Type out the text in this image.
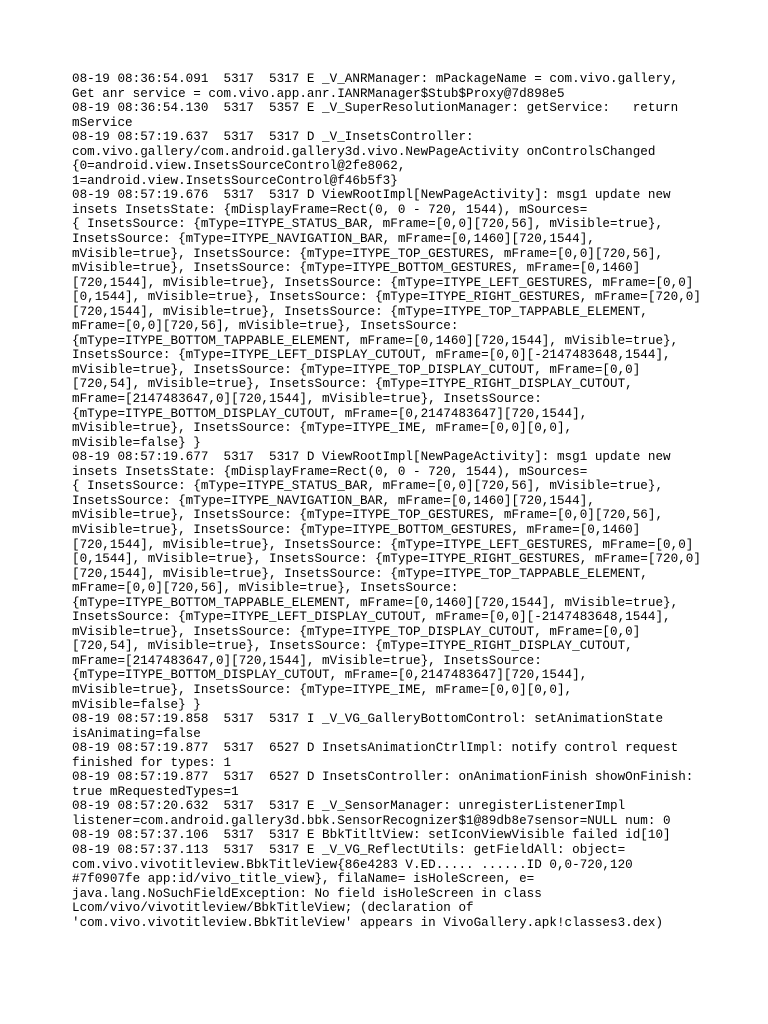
08-19 08:36:54.091  5317  5317 E _V_ANRManager: mPackageName = com.vivo.gallery,
Get anr service = com.vivo.app.anr.IANRManager$Stub$Proxy@7d898e5
08-19 08:36:54.130  5317  5357 E _V_SuperResolutionManager: getService:   return
mService
08-19 08:57:19.637  5317  5317 D _V_InsetsController:
com.vivo.gallery/com.android.gallery3d.vivo.NewPageActivity onControlsChanged
{0=android.view.InsetsSourceControl@2fe8062,
1=android.view.InsetsSourceControl@f46b5f3}
08-19 08:57:19.676  5317  5317 D ViewRootImpl[NewPageActivity]: msg1 update new
insets InsetsState: {mDisplayFrame=Rect(0, 0 - 720, 1544), mSources=
{ InsetsSource: {mType=ITYPE_STATUS_BAR, mFrame=[0,0][720,56], mVisible=true},
InsetsSource: {mType=ITYPE_NAVIGATION_BAR, mFrame=[0,1460][720,1544],
mVisible=true}, InsetsSource: {mType=ITYPE_TOP_GESTURES, mFrame=[0,0][720,56],
mVisible=true}, InsetsSource: {mType=ITYPE_BOTTOM_GESTURES, mFrame=[0,1460]
[720,1544], mVisible=true}, InsetsSource: {mType=ITYPE_LEFT_GESTURES, mFrame=[0,0]
[0,1544], mVisible=true}, InsetsSource: {mType=ITYPE_RIGHT_GESTURES, mFrame=[720,0]
[720,1544], mVisible=true}, InsetsSource: {mType=ITYPE_TOP_TAPPABLE_ELEMENT,
mFrame=[0,0][720,56], mVisible=true}, InsetsSource:
{mType=ITYPE_BOTTOM_TAPPABLE_ELEMENT, mFrame=[0,1460][720,1544], mVisible=true},
InsetsSource: {mType=ITYPE_LEFT_DISPLAY_CUTOUT, mFrame=[0,0][-2147483648,1544],
mVisible=true}, InsetsSource: {mType=ITYPE_TOP_DISPLAY_CUTOUT, mFrame=[0,0]
[720,54], mVisible=true}, InsetsSource: {mType=ITYPE_RIGHT_DISPLAY_CUTOUT,
mFrame=[2147483647,0][720,1544], mVisible=true}, InsetsSource:
{mType=ITYPE_BOTTOM_DISPLAY_CUTOUT, mFrame=[0,2147483647][720,1544],
mVisible=true}, InsetsSource: {mType=ITYPE_IME, mFrame=[0,0][0,0],
mVisible=false} }
08-19 08:57:19.677  5317  5317 D ViewRootImpl[NewPageActivity]: msg1 update new
insets InsetsState: {mDisplayFrame=Rect(0, 0 - 720, 1544), mSources=
{ InsetsSource: {mType=ITYPE_STATUS_BAR, mFrame=[0,0][720,56], mVisible=true},
InsetsSource: {mType=ITYPE_NAVIGATION_BAR, mFrame=[0,1460][720,1544],
mVisible=true}, InsetsSource: {mType=ITYPE_TOP_GESTURES, mFrame=[0,0][720,56],
mVisible=true}, InsetsSource: {mType=ITYPE_BOTTOM_GESTURES, mFrame=[0,1460]
[720,1544], mVisible=true}, InsetsSource: {mType=ITYPE_LEFT_GESTURES, mFrame=[0,0]
[0,1544], mVisible=true}, InsetsSource: {mType=ITYPE_RIGHT_GESTURES, mFrame=[720,0]
[720,1544], mVisible=true}, InsetsSource: {mType=ITYPE_TOP_TAPPABLE_ELEMENT,
mFrame=[0,0][720,56], mVisible=true}, InsetsSource:
{mType=ITYPE_BOTTOM_TAPPABLE_ELEMENT, mFrame=[0,1460][720,1544], mVisible=true},
InsetsSource: {mType=ITYPE_LEFT_DISPLAY_CUTOUT, mFrame=[0,0][-2147483648,1544],
mVisible=true}, InsetsSource: {mType=ITYPE_TOP_DISPLAY_CUTOUT, mFrame=[0,0]
[720,54], mVisible=true}, InsetsSource: {mType=ITYPE_RIGHT_DISPLAY_CUTOUT,
mFrame=[2147483647,0][720,1544], mVisible=true}, InsetsSource:
{mType=ITYPE_BOTTOM_DISPLAY_CUTOUT, mFrame=[0,2147483647][720,1544],
mVisible=true}, InsetsSource: {mType=ITYPE_IME, mFrame=[0,0][0,0],
mVisible=false} }
08-19 08:57:19.858  5317  5317 I _V_VG_GalleryBottomControl: setAnimationState
isAnimating=false
08-19 08:57:19.877  5317  6527 D InsetsAnimationCtrlImpl: notify control request
finished for types: 1
08-19 08:57:19.877  5317  6527 D InsetsController: onAnimationFinish showOnFinish:
true mRequestedTypes=1
08-19 08:57:20.632  5317  5317 E _V_SensorManager: unregisterListenerImpl
listener=com.android.gallery3d.bbk.SensorRecognizer$1@89db8e7sensor=NULL num: 0
08-19 08:57:37.106  5317  5317 E BbkTitltView: setIconViewVisible failed id[10]
08-19 08:57:37.113  5317  5317 E _V_VG_ReflectUtils: getFieldAll: object=
com.vivo.vivotitleview.BbkTitleView{86e4283 V.ED..... ......ID 0,0-720,120
#7f0907fe app:id/vivo_title_view}, filaName= isHoleScreen, e=
java.lang.NoSuchFieldException: No field isHoleScreen in class
Lcom/vivo/vivotitleview/BbkTitleView; (declaration of
'com.vivo.vivotitleview.BbkTitleView' appears in VivoGallery.apk!classes3.dex)
